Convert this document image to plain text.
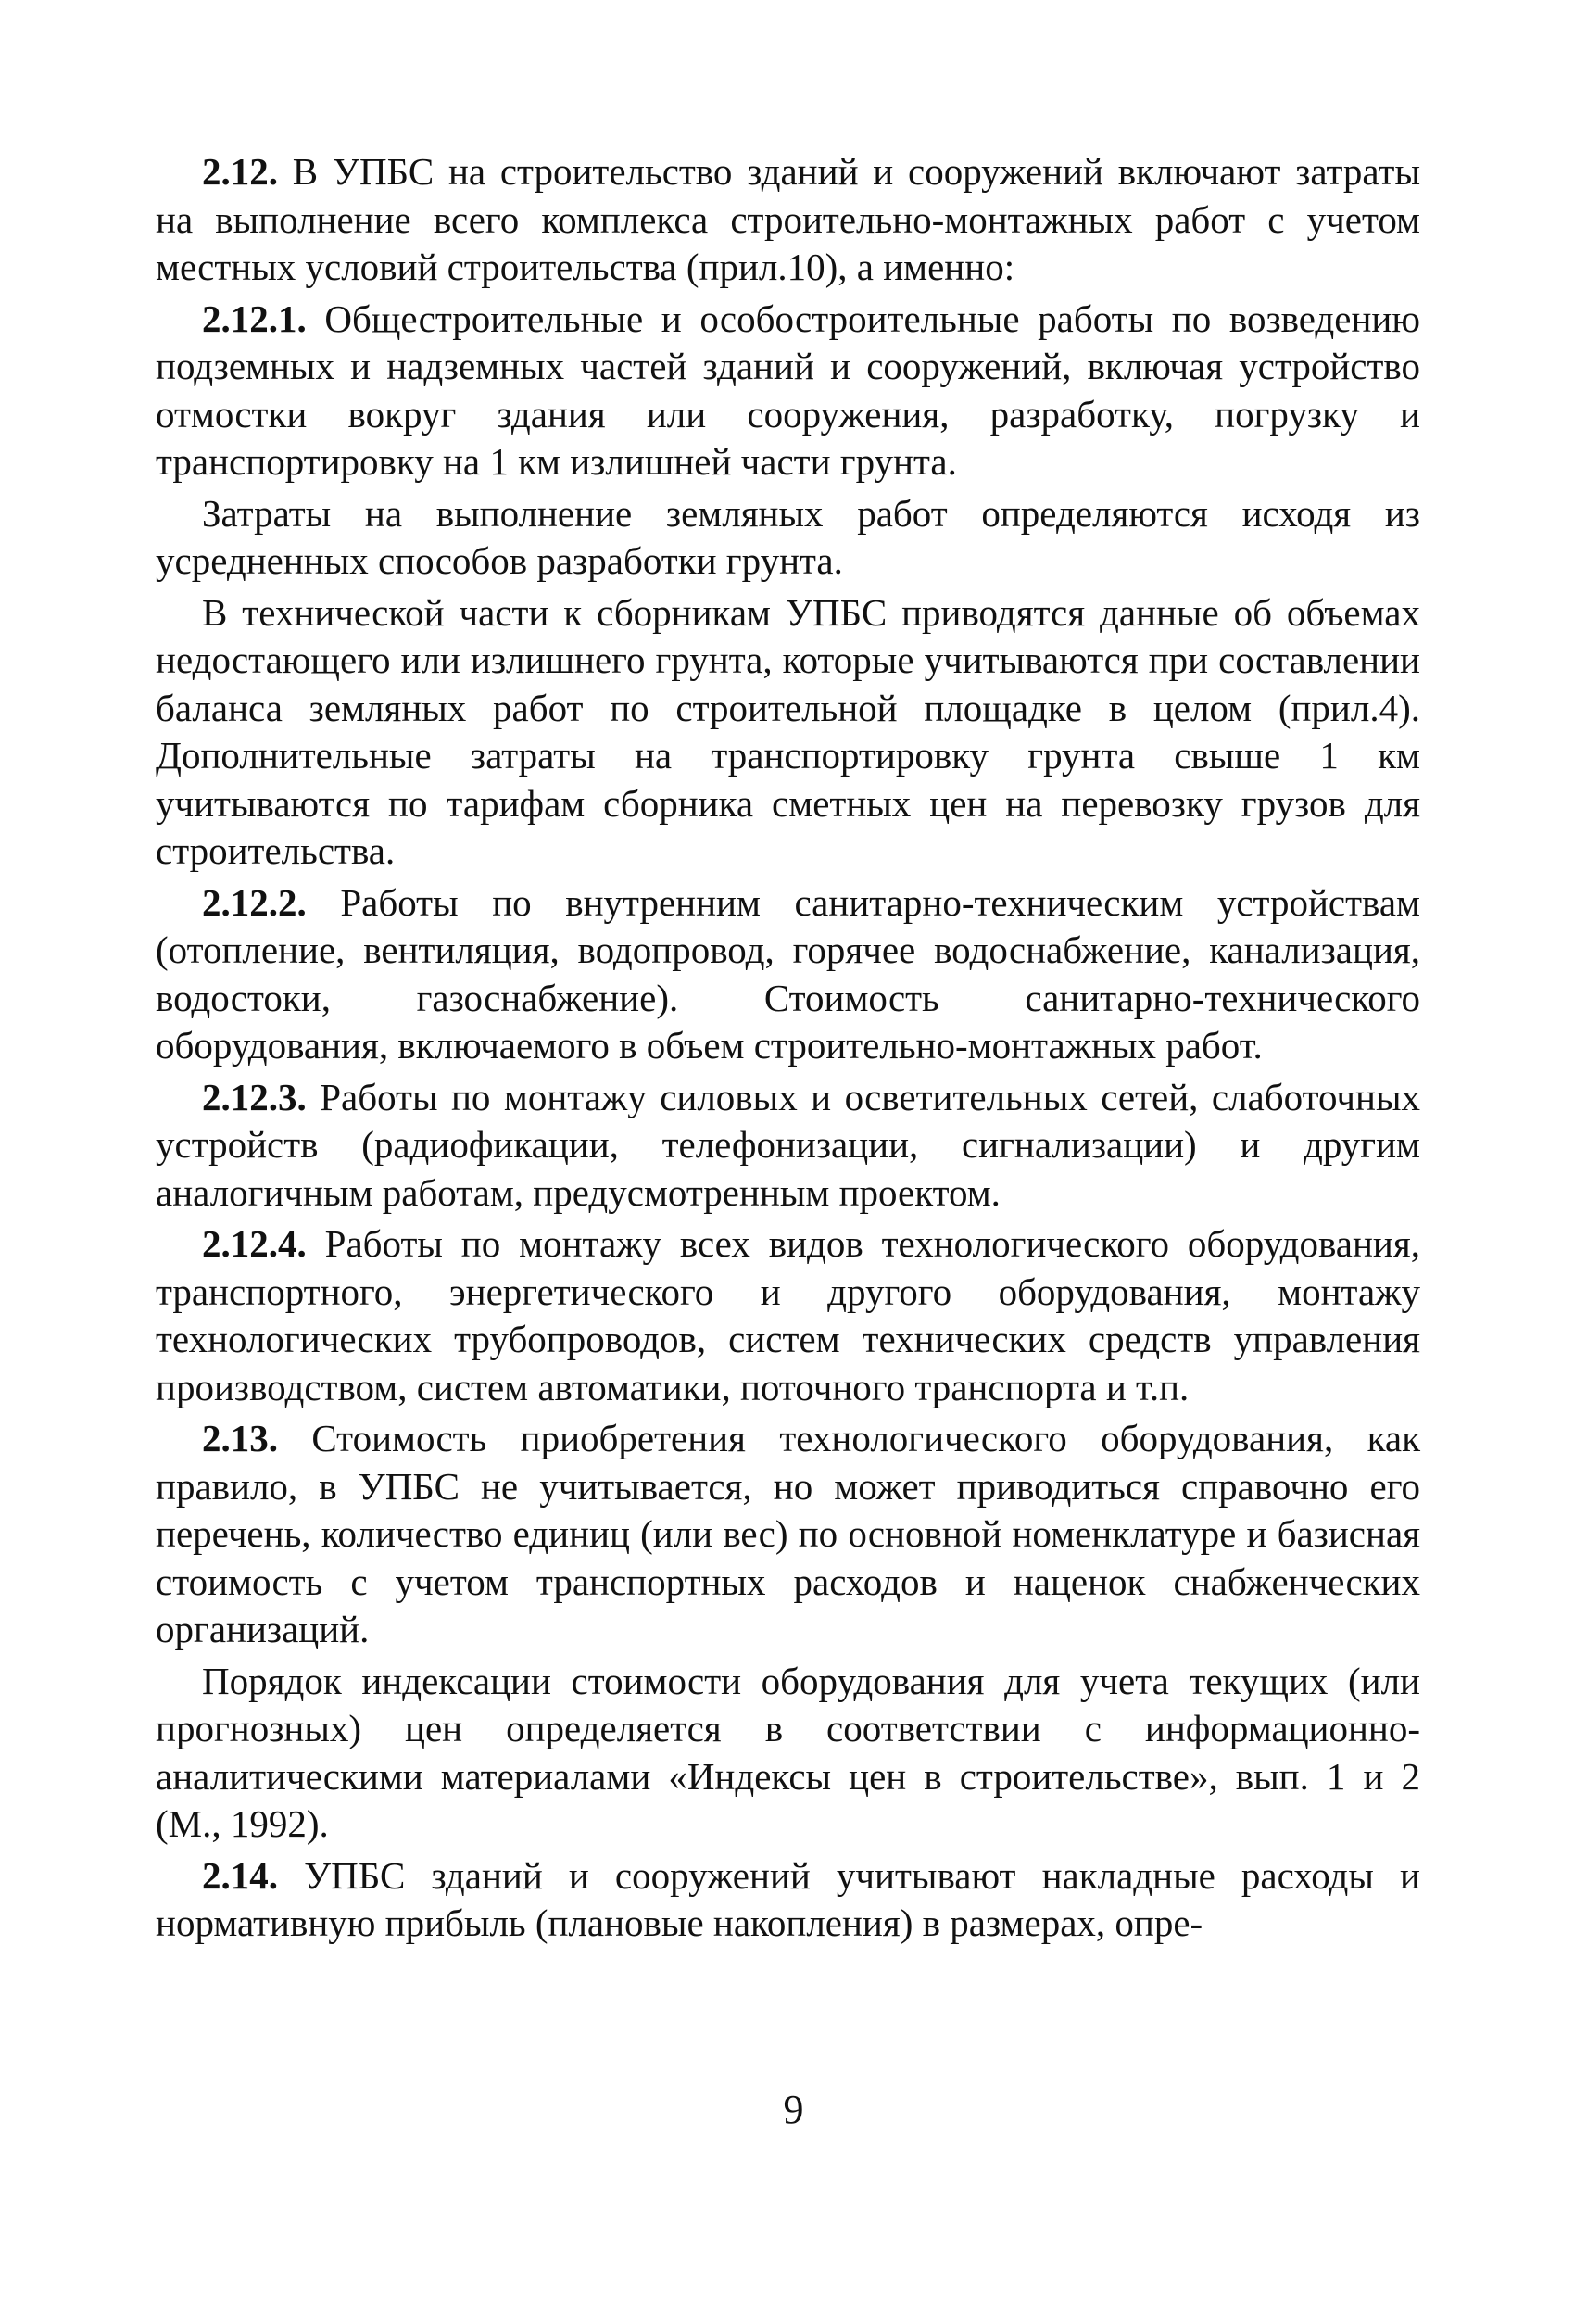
2.12. В УПБС на строительство зданий и сооружений включают затраты на выполнение всего комплекса строительно-монтажных работ с учетом местных условий строительства (прил.10), а именно:

2.12.1. Общестроительные и особостроительные работы по возведению подземных и надземных частей зданий и сооружений, включая устройство отмостки вокруг здания или сооружения, разработку, погрузку и транспортировку на 1 км излишней части грунта.

Затраты на выполнение земляных работ определяются исходя из усредненных способов разработки грунта.

В технической части к сборникам УПБС приводятся данные об объемах недостающего или излишнего грунта, которые учитываются при составлении баланса земляных работ по строительной площадке в целом (прил.4). Дополнительные затраты на транспортировку грунта свыше 1 км учитываются по тарифам сборника сметных цен на перевозку грузов для строительства.

2.12.2. Работы по внутренним санитарно-техническим устройствам (отопление, вентиляция, водопровод, горячее водоснабжение, канализация, водостоки, газоснабжение). Стоимость санитарно-технического оборудования, включаемого в объем строительно-монтажных работ.

2.12.3. Работы по монтажу силовых и осветительных сетей, слаботочных устройств (радиофикации, телефонизации, сигнализации) и другим аналогичным работам, предусмотренным проектом.

2.12.4. Работы по монтажу всех видов технологического оборудования, транспортного, энергетического и другого оборудования, монтажу технологических трубопроводов, систем технических средств управления производством, систем автоматики, поточного транспорта и т.п.

2.13. Стоимость приобретения технологического оборудования, как правило, в УПБС не учитывается, но может приводиться справочно его перечень, количество единиц (или вес) по основной номенклатуре и базисная стоимость с учетом транспортных расходов и наценок снабженческих организаций.

Порядок индексации стоимости оборудования для учета текущих (или прогнозных) цен определяется в соответствии с информационно-аналитическими материалами «Индексы цен в строительстве», вып. 1 и 2 (М., 1992).

2.14. УПБС зданий и сооружений учитывают накладные расходы и нормативную прибыль (плановые накопления) в размерах, опре-

9
